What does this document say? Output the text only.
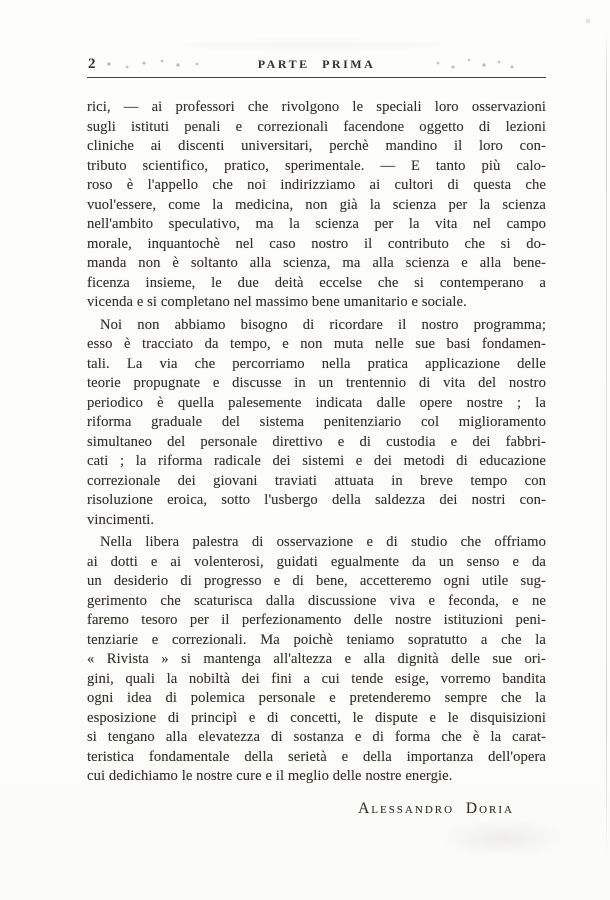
2	PARTE PRIMA
rici, — ai professori che rivolgono le speciali loro osservazioni
sugli istituti penali e correzionali facendone oggetto di lezioni
cliniche ai discenti universitari, perchè mandino il loro con-
tributo scientifico, pratico, sperimentale. — E tanto più calo-
roso è l'appello che noi indirizziamo ai cultori di questa che
vuol'essere, come la medicina, non già la scienza per la scienza
nell'ambito speculativo, ma la scienza per la vita nel campo
morale, inquantochè nel caso nostro il contributo che si do-
manda non è soltanto alla scienza, ma alla scienza e alla bene-
ficenza insieme, le due deità eccelse che si contemperano a
vicenda e si completano nel massimo bene umanitario e sociale.
Noi non abbiamo bisogno di ricordare il nostro programma;
esso è tracciato da tempo, e non muta nelle sue basi fondamen-
tali. La via che percorriamo nella pratica applicazione delle
teorie propugnate e discusse in un trentennio di vita del nostro
periodico è quella palesemente indicata dalle opere nostre ; la
riforma graduale del sistema penitenziario col miglioramento
simultaneo del personale direttivo e di custodia e dei fabbri-
cati ; la riforma radicale dei sistemi e dei metodi di educazione
correzionale dei giovani traviati attuata in breve tempo con
risoluzione eroica, sotto l'usbergo della saldezza dei nostri con-
vincimenti.
Nella libera palestra di osservazione e di studio che offriamo
ai dotti e ai volenterosi, guidati egualmente da un senso e da
un desiderio di progresso e di bene, accetteremo ogni utile sug-
gerimento che scaturisca dalla discussione viva e feconda, e ne
faremo tesoro per il perfezionamento delle nostre istituzioni peni-
tenziarie e correzionali. Ma poichè teniamo sopratutto a che la
« Rivista » si mantenga all'altezza e alla dignità delle sue ori-
gini, quali la nobiltà dei fini a cui tende esige, vorremo bandita
ogni idea di polemica personale e pretenderemo sempre che la
esposizione di principì e di concetti, le dispute e le disquisizioni
si tengano alla elevatezza di sostanza e di forma che è la carat-
teristica fondamentale della serietà e della importanza dell'opera
cui dedichiamo le nostre cure e il meglio delle nostre energie.
Alessandro Doria
